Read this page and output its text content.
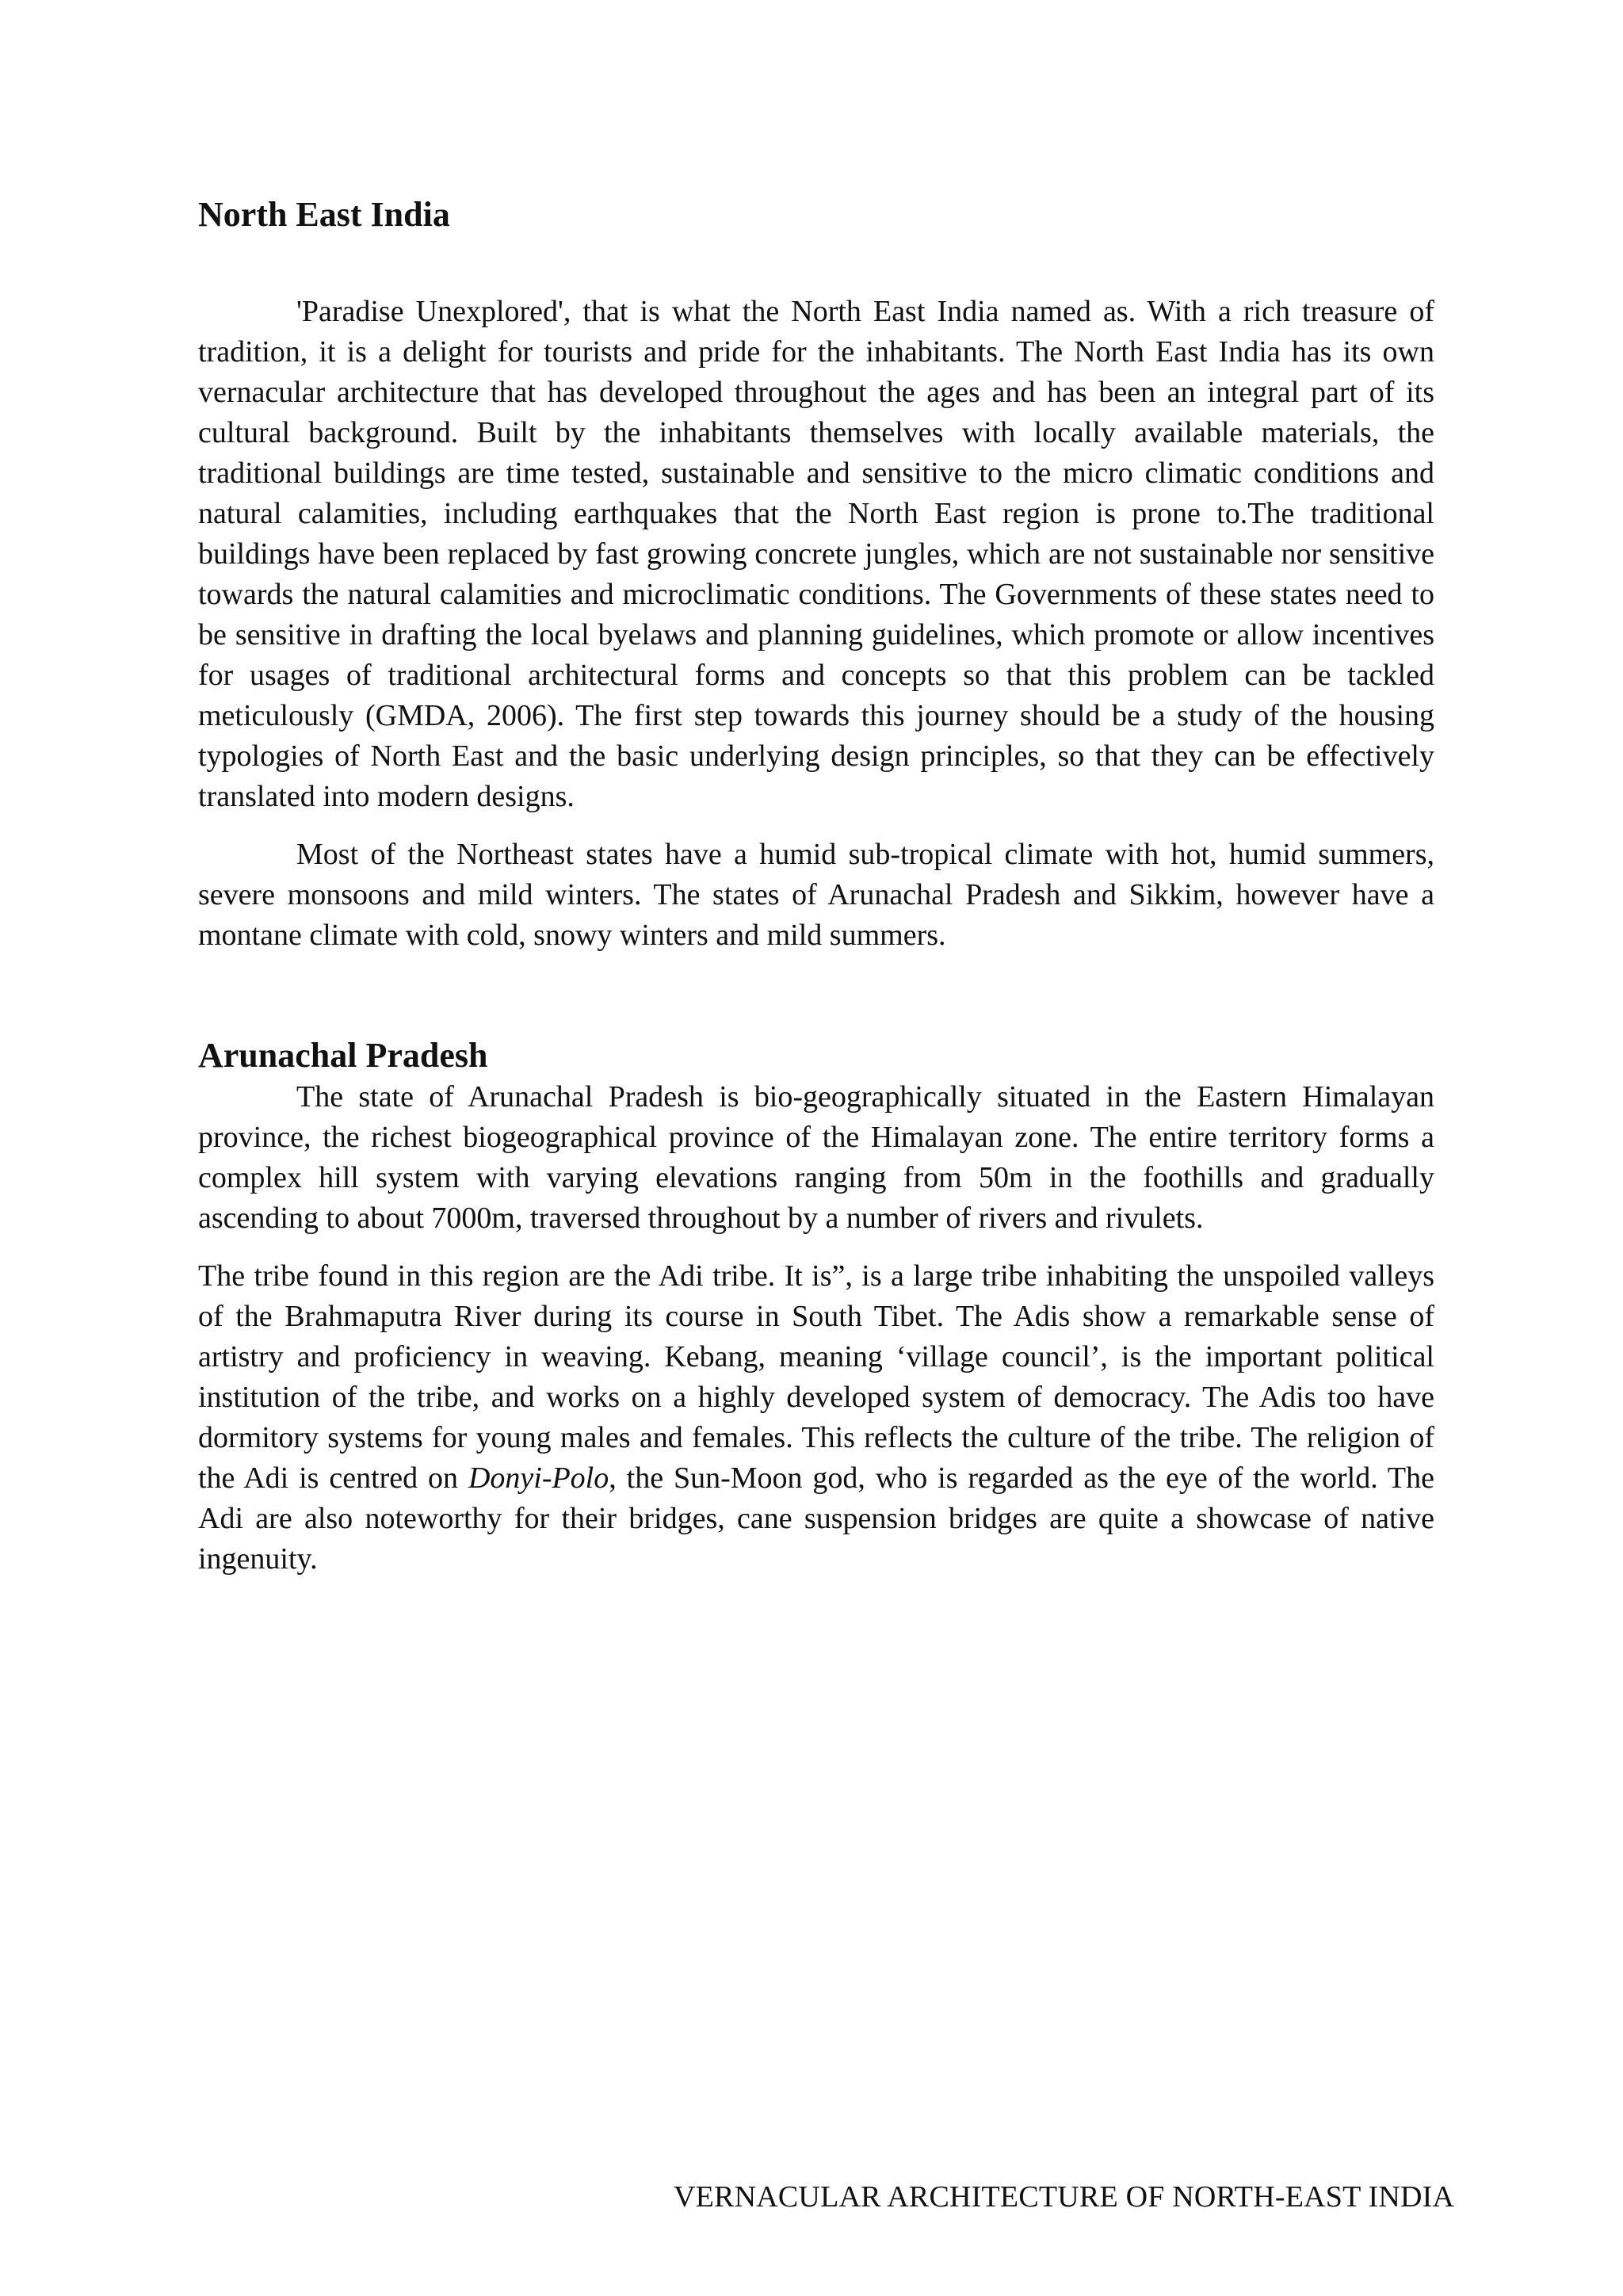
North East India

'Paradise Unexplored', that is what the North East India named as. With a rich treasure of tradition, it is a delight for tourists and pride for the inhabitants. The North East India has its own vernacular architecture that has developed throughout the ages and has been an integral part of its cultural background. Built by the inhabitants themselves with locally available materials, the traditional buildings are time tested, sustainable and sensitive to the micro climatic conditions and natural calamities, including earthquakes that the North East region is prone to.The traditional buildings have been replaced by fast growing concrete jungles, which are not sustainable nor sensitive towards the natural calamities and microclimatic conditions. The Governments of these states need to be sensitive in drafting the local byelaws and planning guidelines, which promote or allow incentives for usages of traditional architectural forms and concepts so that this problem can be tackled meticulously (GMDA, 2006). The first step towards this journey should be a study of the housing typologies of North East and the basic underlying design principles, so that they can be effectively translated into modern designs.

Most of the Northeast states have a humid sub-tropical climate with hot, humid summers, severe monsoons and mild winters. The states of Arunachal Pradesh and Sikkim, however have a montane climate with cold, snowy winters and mild summers.

Arunachal Pradesh

The state of Arunachal Pradesh is bio-geographically situated in the Eastern Himalayan province, the richest biogeographical province of the Himalayan zone. The entire territory forms a complex hill system with varying elevations ranging from 50m in the foothills and gradually ascending to about 7000m, traversed throughout by a number of rivers and rivulets.

The tribe found in this region are the Adi tribe. It is”, is a large tribe inhabiting the unspoiled valleys of the Brahmaputra River during its course in South Tibet. The Adis show a remarkable sense of artistry and proficiency in weaving. Kebang, meaning ‘village council’, is the important political institution of the tribe, and works on a highly developed system of democracy. The Adis too have dormitory systems for young males and females. This reflects the culture of the tribe. The religion of the Adi is centred on Donyi-Polo, the Sun-Moon god, who is regarded as the eye of the world. The Adi are also noteworthy for their bridges, cane suspension bridges are quite a showcase of native ingenuity.

VERNACULAR ARCHITECTURE OF NORTH-EAST INDIA
